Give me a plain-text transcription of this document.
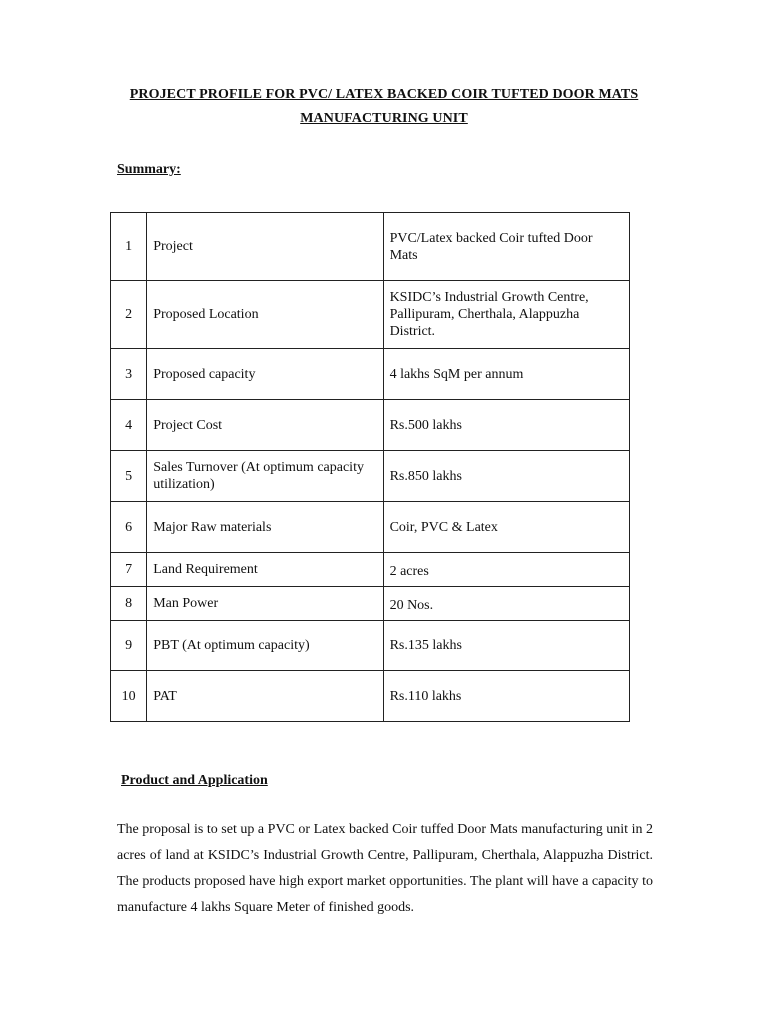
PROJECT PROFILE FOR PVC/ LATEX BACKED COIR TUFTED DOOR MATS
MANUFACTURING UNIT
Summary:
1	Project	PVC/Latex backed Coir tufted Door Mats
2	Proposed Location	KSIDC’s Industrial Growth Centre, Pallipuram, Cherthala, Alappuzha District.
3	Proposed capacity	4 lakhs SqM per annum
4	Project Cost	Rs.500 lakhs
5	Sales Turnover (At optimum capacity utilization)	Rs.850 lakhs
6	Major Raw materials	Coir, PVC & Latex
7	Land Requirement	2 acres
8	Man Power	20 Nos.
9	PBT (At optimum capacity)	Rs.135 lakhs
10	PAT	Rs.110 lakhs
Product and Application
The proposal is to set up a PVC or Latex backed Coir tuffed Door Mats manufacturing unit in 2 acres of land at KSIDC’s Industrial Growth Centre, Pallipuram, Cherthala, Alappuzha District. The products proposed have high export market opportunities. The plant will have a capacity to manufacture 4 lakhs Square Meter of finished goods.
